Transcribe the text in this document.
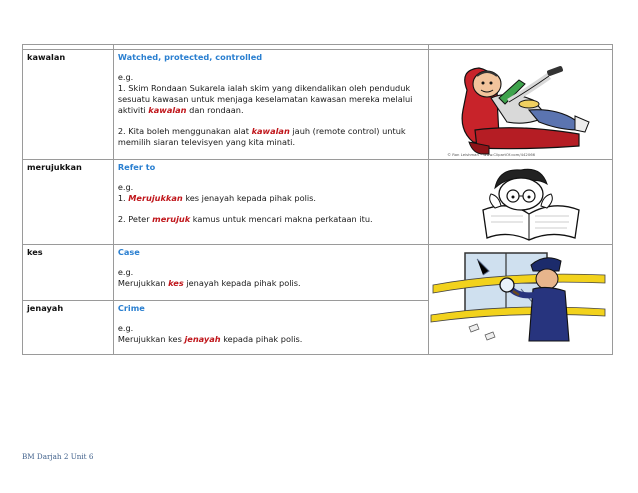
kawalan	Watched, protected, controlled
e.g.
1. Skim Rondaan Sukarela ialah skim yang dikendalikan oleh penduduk sesuatu kawasan untuk menjaga keselamatan kawasan mereka melalui aktiviti kawalan dan rondaan.
2. Kita boleh menggunakan alat kawalan jauh (remote control) untuk memilih siaran televisyen yang kita minati.	© Ron Leishman * www.ClipartOf.com/442066

merujukkan	Refer to
e.g.
1. Merujukkan kes jenayah kepada pihak polis.
2. Peter merujuk kamus untuk mencari makna perkataan itu.

kes	Case
e.g.
Merujukkan kes jenayah kepada pihak polis.

jenayah	Crime
e.g.
Merujukkan kes jenayah kepada pihak polis.	
BM Darjah 2 Unit 6
